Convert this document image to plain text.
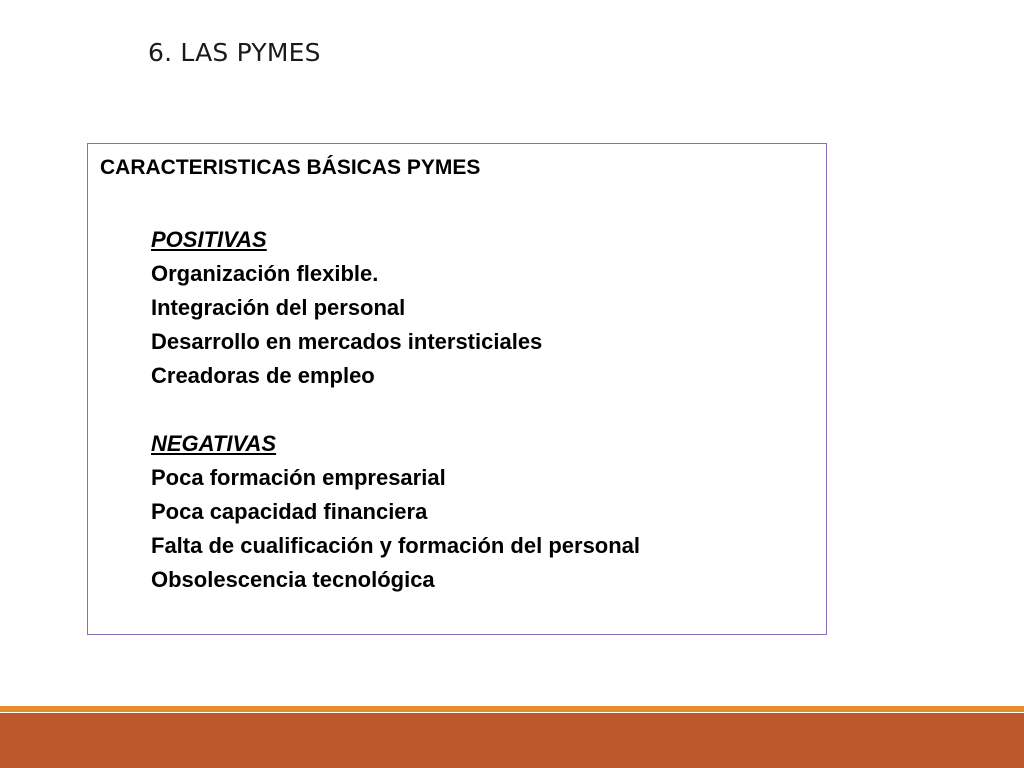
6. LAS PYMES
CARACTERISTICAS BÁSICAS PYMES
POSITIVAS
Organización flexible.
Integración del personal
Desarrollo en mercados intersticiales
Creadoras de empleo
NEGATIVAS
Poca formación empresarial
Poca capacidad financiera
Falta de cualificación y formación del personal
Obsolescencia tecnológica
